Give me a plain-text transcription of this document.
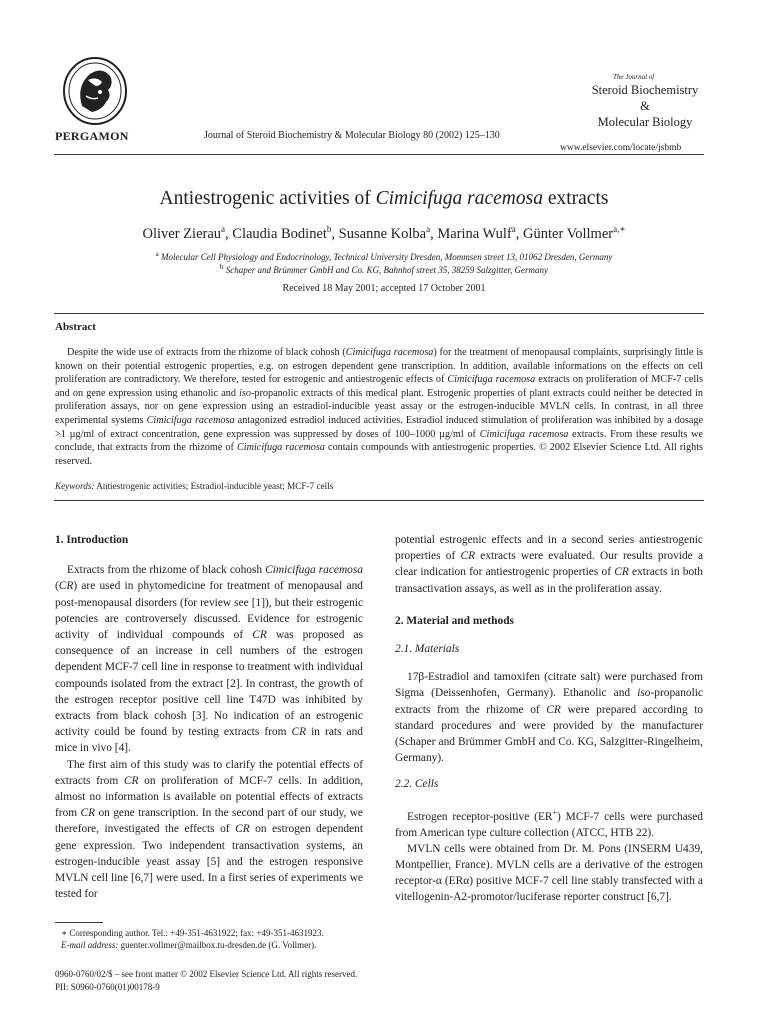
PERGAMON	Journal of Steroid Biochemistry & Molecular Biology 80 (2002) 125–130
The Journal of
Steroid Biochemistry
&
Molecular Biology
www.elsevier.com/locate/jsbmb
Antiestrogenic activities of Cimicifuga racemosa extracts
Oliver Zierau$^a$, Claudia Bodinet$^b$, Susanne Kolba$^a$, Marina Wulf$^a$, Günter Vollmer$^{a,∗}$
$^a$ Molecular Cell Physiology and Endocrinology, Technical University Dresden, Mommsen street 13, 01062 Dresden, Germany
$^b$ Schaper and Brümmer GmbH and Co. KG, Bahnhof street 35, 38259 Salzgitter, Germany
Received 18 May 2001; accepted 17 October 2001
Abstract
Despite the wide use of extracts from the rhizome of black cohosh (Cimicifuga racemosa) for the treatment of menopausal complaints, surprisingly little is known on their potential estrogenic properties, e.g. on estrogen dependent gene transcription. In addition, available informations on the effects on cell proliferation are contradictory. We therefore, tested for estrogenic and antiestrogenic effects of Cimicifuga racemosa extracts on proliferation of MCF-7 cells and on gene expression using ethanolic and iso-propanolic extracts of this medical plant. Estrogenic properties of plant extracts could neither be detected in proliferation assays, nor on gene expression using an estradiol-inducible yeast assay or the estrogen-inducible MVLN cells. In contrast, in all three experimental systems Cimicifuga racemosa antagonized estradiol induced activities. Estradiol induced stimulation of proliferation was inhibited by a dosage >1 µg/ml of extract concentration, gene expression was suppressed by doses of 100–1000 µg/ml of Cimicifuga racemosa extracts. From these results we conclude, that extracts from the rhizome of Cimicifuga racemosa contain compounds with antiestrogenic properties. © 2002 Elsevier Science Ltd. All rights reserved.
Keywords: Antiestrogenic activities; Estradiol-inducible yeast; MCF-7 cells
1. Introduction

Extracts from the rhizome of black cohosh Cimicifuga racemosa (CR) are used in phytomedicine for treatment of menopausal and post-menopausal disorders (for review see [1]), but their estrogenic potencies are controversely discussed. Evidence for estrogenic activity of individual compounds of CR was proposed as consequence of an increase in cell numbers of the estrogen dependent MCF-7 cell line in response to treatment with individual compounds isolated from the extract [2]. In contrast, the growth of the estrogen receptor positive cell line T47D was inhibited by extracts from black cohosh [3]. No indication of an estrogenic activity could be found by testing extracts from CR in rats and mice in vivo [4].

The first aim of this study was to clarify the potential effects of extracts from CR on proliferation of MCF-7 cells. In addition, almost no information is available on potential effects of extracts from CR on gene transcription. In the second part of our study, we therefore, investigated the effects of CR on estrogen dependent gene expression. Two independent transactivation systems, an estrogen-inducible yeast assay [5] and the estrogen responsive MVLN cell line [6,7] were used. In a first series of experiments we tested for

potential estrogenic effects and in a second series antiestrogenic properties of CR extracts were evaluated. Our results provide a clear indication for antiestrogenic properties of CR extracts in both transactivation assays, as well as in the proliferation assay.

2. Material and methods
2.1. Materials

17β-Estradiol and tamoxifen (citrate salt) were purchased from Sigma (Deissenhofen, Germany). Ethanolic and iso-propanolic extracts from the rhizome of CR were prepared according to standard procedures and were provided by the manufacturer (Schaper and Brümmer GmbH and Co. KG, Salzgitter-Ringelheim, Germany).

2.2. Cells

Estrogen receptor-positive (ER+) MCF-7 cells were purchased from American type culture collection (ATCC, HTB 22).

MVLN cells were obtained from Dr. M. Pons (INSERM U439, Montpellier, France). MVLN cells are a derivative of the estrogen receptor-α (ERα) positive MCF-7 cell line stably transfected with a vitellogenin-A2-promotor/luciferase reporter construct [6,7].

∗ Corresponding author. Tel.: +49-351-4631922; fax: +49-351-4631923.
E-mail address: guenter.vollmer@mailbox.tu-dresden.de (G. Vollmer).
0960-0760/02/$ – see front matter © 2002 Elsevier Science Ltd. All rights reserved.
PII: S0960-0760(01)00178-9
